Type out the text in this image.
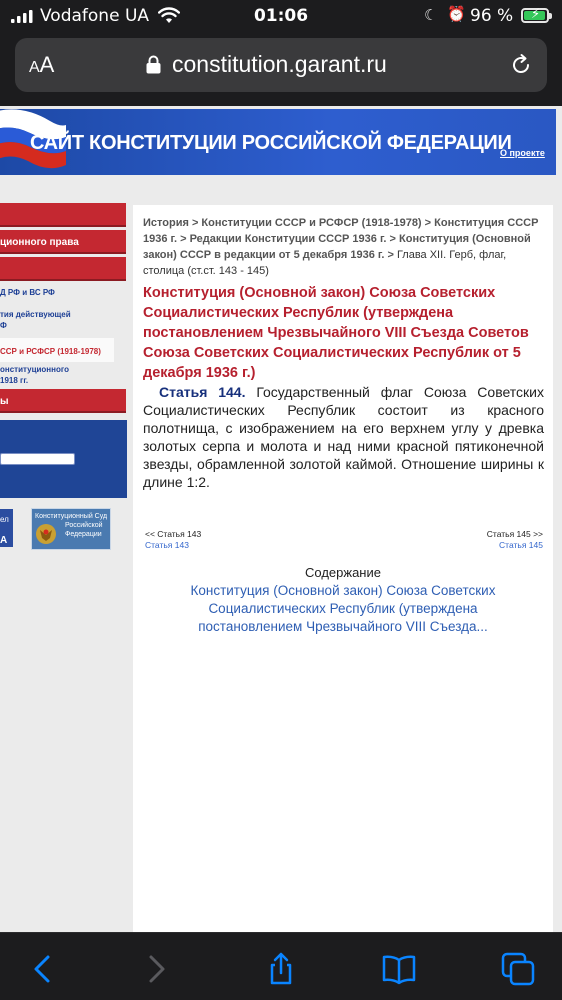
Vodafone UA	01:06	☾ ⏰ 96 % ⚡
AA	constitution.garant.ru
САЙТ КОНСТИТУЦИИ РОССИЙСКОЙ ФЕДЕРАЦИИ
О проекте
ционного права
Д РФ и ВС РФ
тия действующей
Ф
ССР и РСФСР (1918-1978)
онституционного
1918 гг.
ы
ел
А
Конституционный Суд
Российской
Федерации
История > Конституции СССР и РСФСР (1918-1978) > Конституция СССР 1936 г. > Редакции Конституции СССР 1936 г. > Конституция (Основной закон) СССР в редакции от 5 декабря 1936 г. > Глава XII. Герб, флаг, столица (ст.ст. 143 - 145)
Конституция (Основной закон) Союза Советских Социалистических Республик (утверждена постановлением Чрезвычайного VIII Съезда Советов Союза Советских Социалистических Республик от 5 декабря 1936 г.)
Статья 144. Государственный флаг Союза Советских Социалистических Республик состоит из красного полотнища, с изображением на его верхнем углу у древка золотых серпа и молота и над ними красной пятиконечной звезды, обрамленной золотой каймой. Отношение ширины к длине 1:2.
<< Статья 143
Статья 143
Статья 145 >>
Статья 145
Содержание
Конституция (Основной закон) Союза Советских Социалистических Республик (утверждена постановлением Чрезвычайного VIII Съезда...
